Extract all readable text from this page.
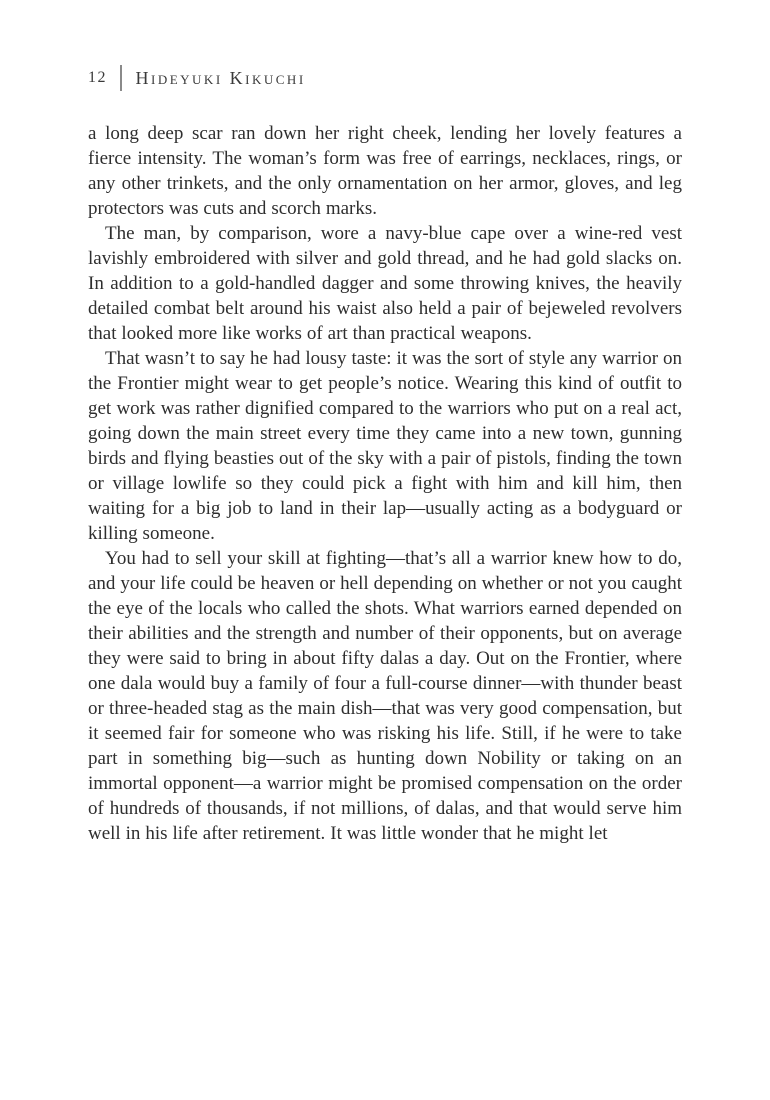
12 Hideyuki Kikuchi

a long deep scar ran down her right cheek, lending her lovely features a fierce intensity. The woman’s form was free of earrings, necklaces, rings, or any other trinkets, and the only ornamentation on her armor, gloves, and leg protectors was cuts and scorch marks.

The man, by comparison, wore a navy-blue cape over a wine-red vest lavishly embroidered with silver and gold thread, and he had gold slacks on. In addition to a gold-handled dagger and some throwing knives, the heavily detailed combat belt around his waist also held a pair of bejeweled revolvers that looked more like works of art than practical weapons.

That wasn’t to say he had lousy taste: it was the sort of style any warrior on the Frontier might wear to get people’s notice. Wearing this kind of outfit to get work was rather dignified compared to the warriors who put on a real act, going down the main street every time they came into a new town, gunning birds and flying beasties out of the sky with a pair of pistols, finding the town or village lowlife so they could pick a fight with him and kill him, then waiting for a big job to land in their lap—usually acting as a bodyguard or killing someone.

You had to sell your skill at fighting—that’s all a warrior knew how to do, and your life could be heaven or hell depending on whether or not you caught the eye of the locals who called the shots. What warriors earned depended on their abilities and the strength and number of their opponents, but on average they were said to bring in about fifty dalas a day. Out on the Frontier, where one dala would buy a family of four a full-course dinner—with thunder beast or three-headed stag as the main dish—that was very good compensation, but it seemed fair for someone who was risking his life. Still, if he were to take part in something big—such as hunting down Nobility or taking on an immortal opponent—a warrior might be promised compensation on the order of hundreds of thousands, if not millions, of dalas, and that would serve him well in his life after retirement. It was little wonder that he might let
